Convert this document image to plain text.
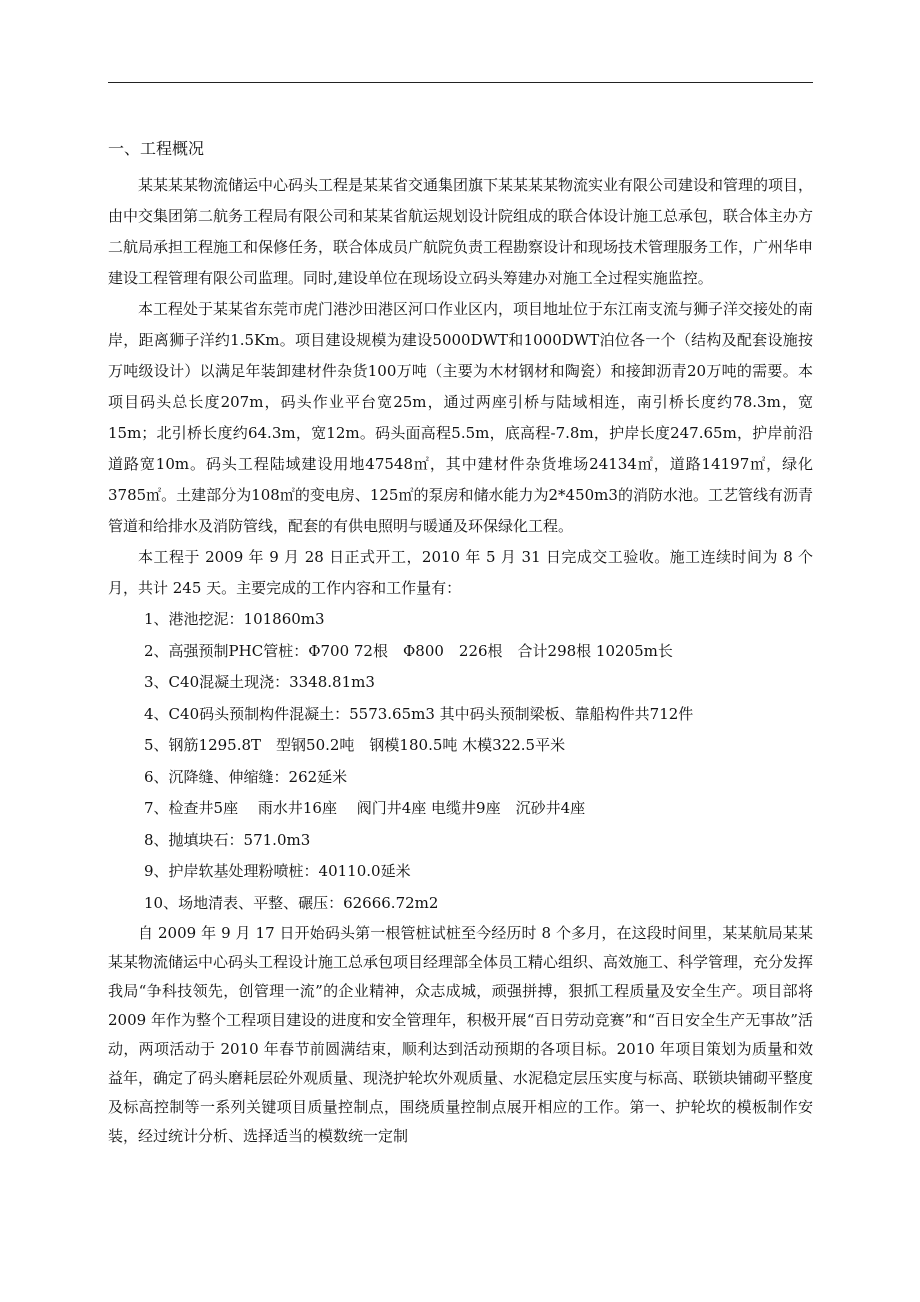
一、工程概况

某某某某物流储运中心码头工程是某某省交通集团旗下某某某某物流实业有限公司建设和管理的项目，由中交集团第二航务工程局有限公司和某某省航运规划设计院组成的联合体设计施工总承包，联合体主办方二航局承担工程施工和保修任务，联合体成员广航院负责工程勘察设计和现场技术管理服务工作，广州华申建设工程管理有限公司监理。同时,建设单位在现场设立码头筹建办对施工全过程实施监控。

本工程处于某某省东莞市虎门港沙田港区河口作业区内，项目地址位于东江南支流与狮子洋交接处的南岸，距离狮子洋约1.5Km。项目建设规模为建设5000DWT和1000DWT泊位各一个（结构及配套设施按万吨级设计）以满足年装卸建材件杂货100万吨（主要为木材钢材和陶瓷）和接卸沥青20万吨的需要。本项目码头总长度207m，码头作业平台宽25m，通过两座引桥与陆域相连，南引桥长度约78.3m，宽15m；北引桥长度约64.3m，宽12m。码头面高程5.5m，底高程-7.8m，护岸长度247.65m，护岸前沿道路宽10m。码头工程陆域建设用地47548㎡，其中建材件杂货堆场24134㎡，道路14197㎡，绿化3785㎡。土建部分为108㎡的变电房、125㎡的泵房和储水能力为2*450m3的消防水池。工艺管线有沥青管道和给排水及消防管线，配套的有供电照明与暖通及环保绿化工程。

本工程于 2009 年 9 月 28 日正式开工，2010 年 5 月 31 日完成交工验收。施工连续时间为 8 个月，共计 245 天。主要完成的工作内容和工作量有：

1、港池挖泥：101860m3
2、高强预制PHC管桩：Φ700 72根　Φ800　226根　合计298根 10205m长
3、C40混凝土现浇：3348.81m3
4、C40码头预制构件混凝土：5573.65m3 其中码头预制梁板、靠船构件共712件
5、钢筋1295.8T　型钢50.2吨　钢模180.5吨 木模322.5平米
6、沉降缝、伸缩缝：262延米
7、检查井5座　 雨水井16座　 阀门井4座 电缆井9座　沉砂井4座
8、抛填块石：571.0m3
9、护岸软基处理粉喷桩：40110.0延米
10、场地清表、平整、碾压：62666.72m2

自 2009 年 9 月 17 日开始码头第一根管桩试桩至今经历时 8 个多月，在这段时间里，某某航局某某某某物流储运中心码头工程设计施工总承包项目经理部全体员工精心组织、高效施工、科学管理，充分发挥我局“争科技领先，创管理一流”的企业精神，众志成城，顽强拼搏，狠抓工程质量及安全生产。项目部将 2009 年作为整个工程项目建设的进度和安全管理年，积极开展“百日劳动竞赛”和“百日安全生产无事故”活动，两项活动于 2010 年春节前圆满结束，顺利达到活动预期的各项目标。2010 年项目策划为质量和效益年，确定了码头磨耗层砼外观质量、现浇护轮坎外观质量、水泥稳定层压实度与标高、联锁块铺砌平整度及标高控制等一系列关键项目质量控制点，围绕质量控制点展开相应的工作。第一、护轮坎的模板制作安装，经过统计分析、选择适当的模数统一定制
